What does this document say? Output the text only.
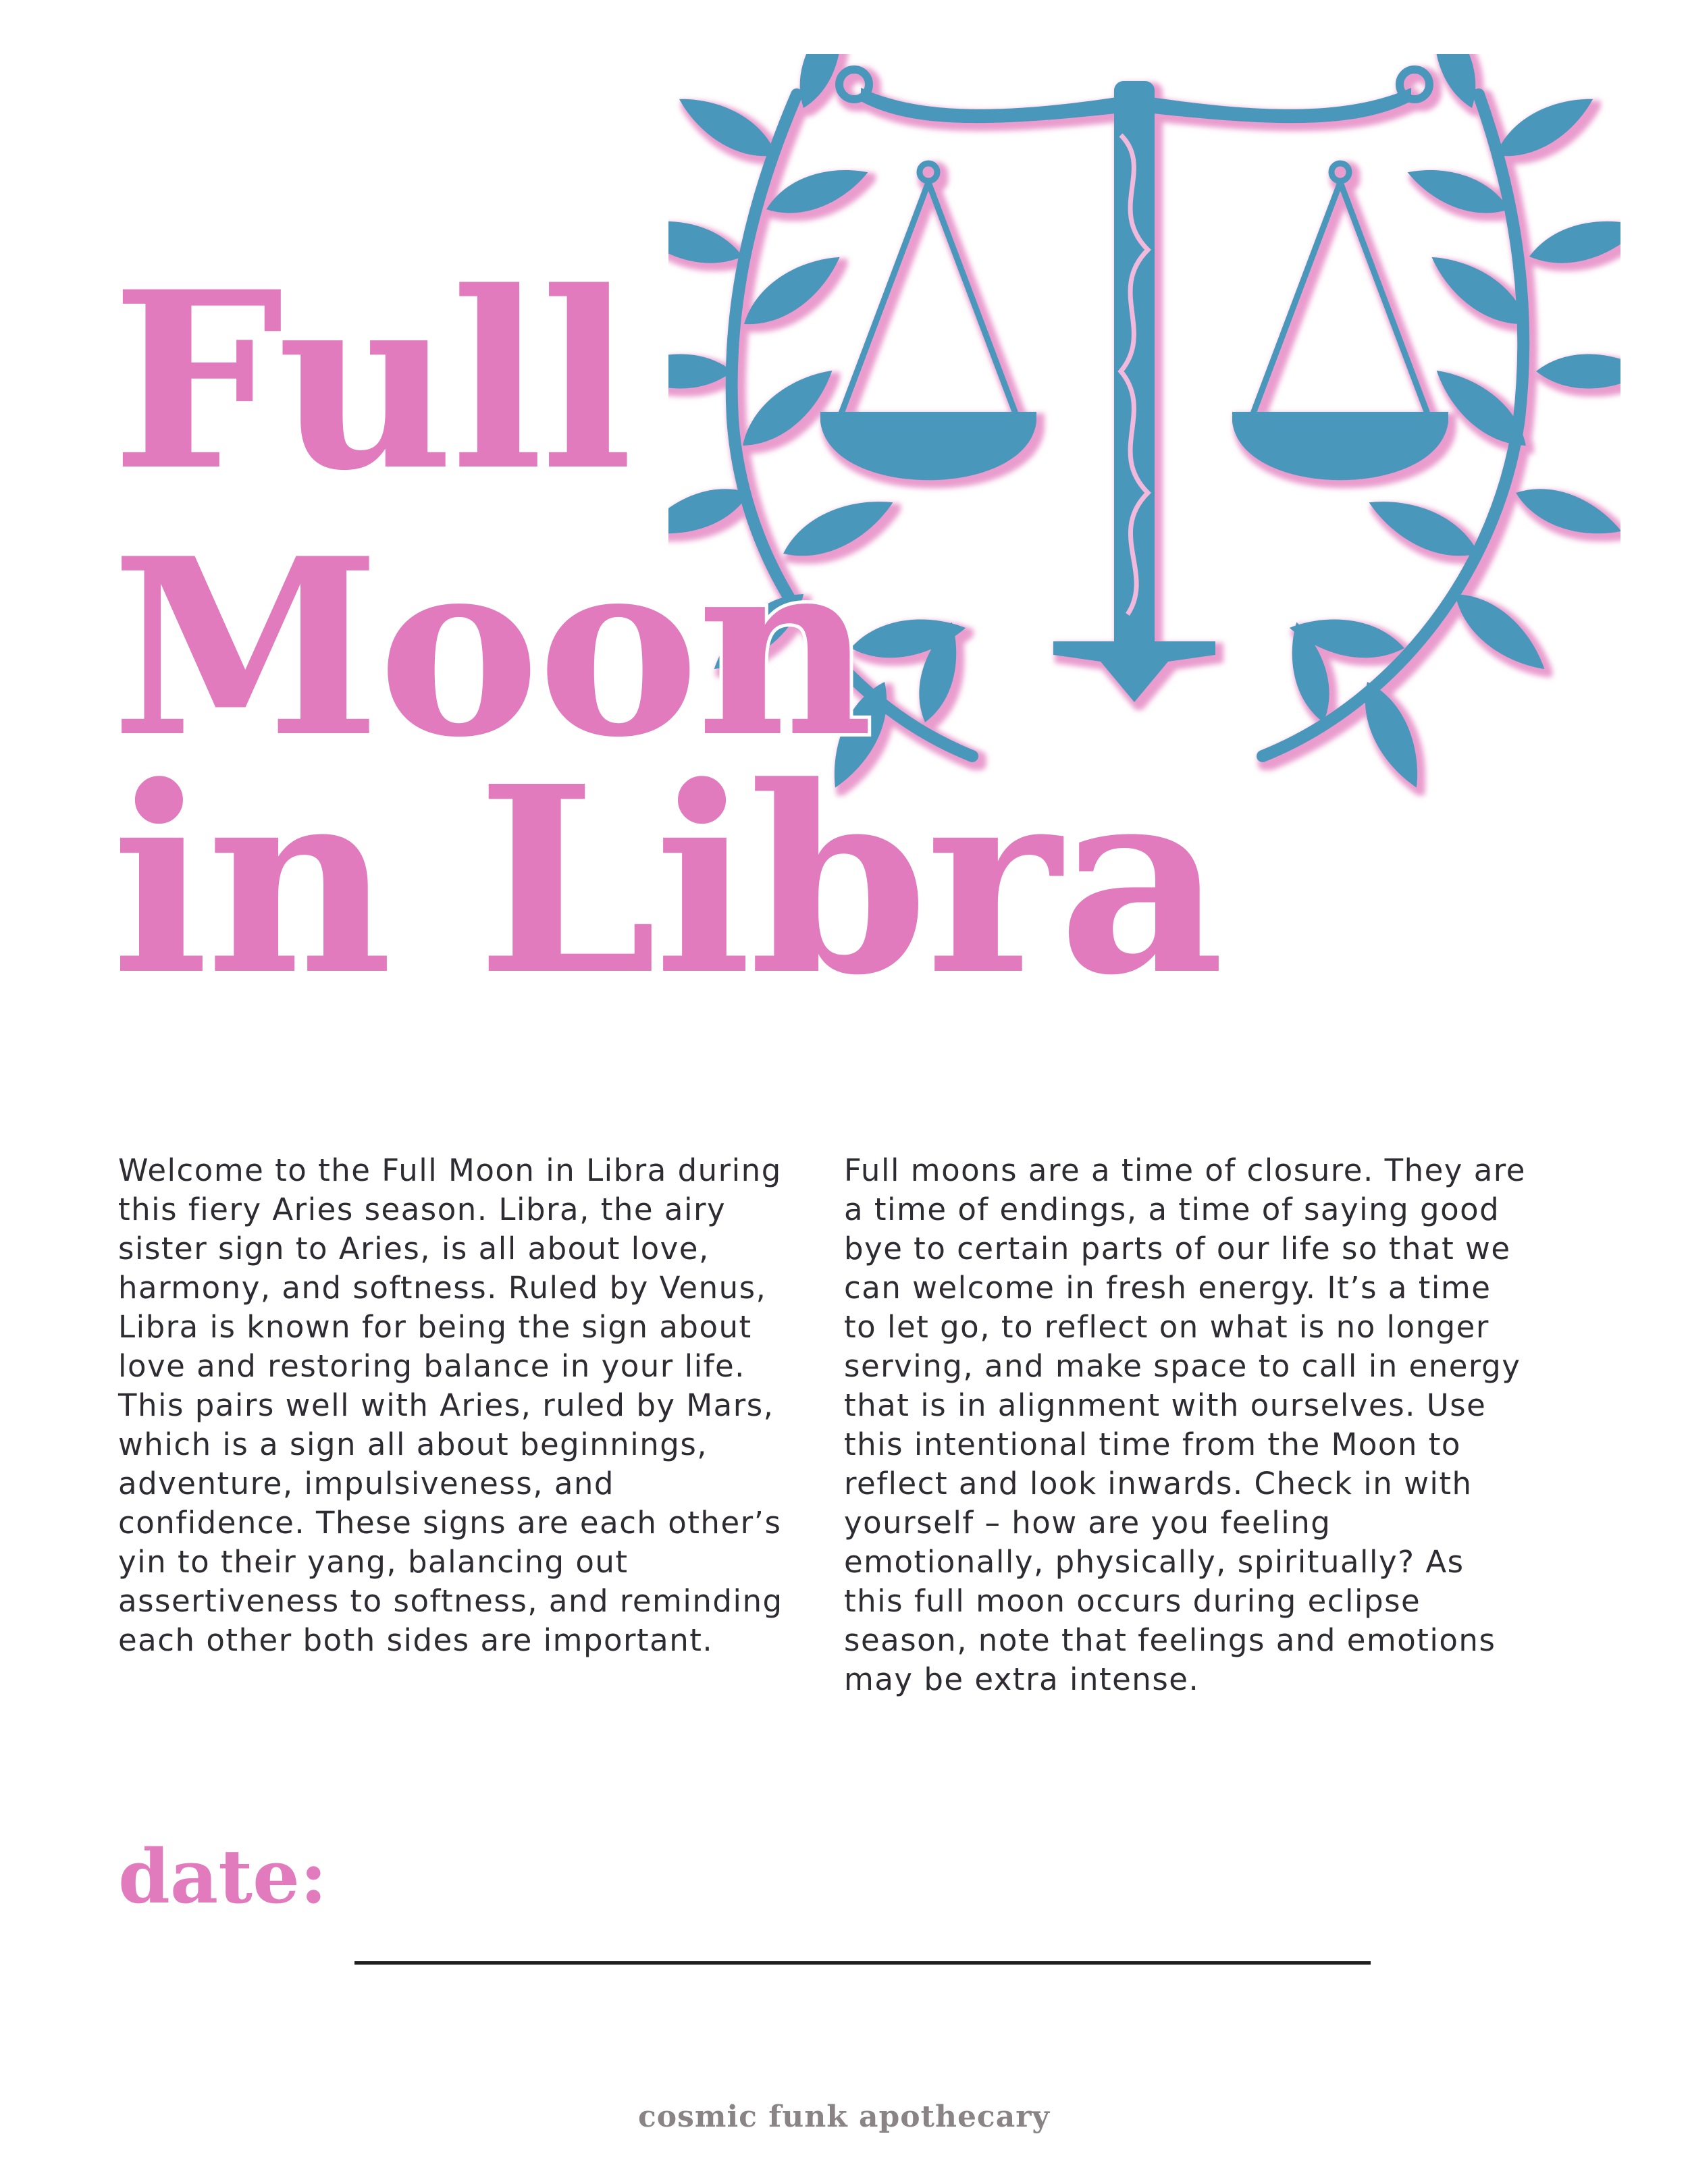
Full
Moon
in Libra

Welcome to the Full Moon in Libra during this fiery Aries season. Libra, the airy sister sign to Aries, is all about love, harmony, and softness. Ruled by Venus, Libra is known for being the sign about love and restoring balance in your life. This pairs well with Aries, ruled by Mars, which is a sign all about beginnings, adventure, impulsiveness, and confidence. These signs are each other’s yin to their yang, balancing out assertiveness to softness, and reminding each other both sides are important.

Full moons are a time of closure. They are a time of endings, a time of saying good bye to certain parts of our life so that we can welcome in fresh energy. It’s a time to let go, to reflect on what is no longer serving, and make space to call in energy that is in alignment with ourselves. Use this intentional time from the Moon to reflect and look inwards. Check in with yourself – how are you feeling emotionally, physically, spiritually? As this full moon occurs during eclipse season, note that feelings and emotions may be extra intense.

date:
cosmic funk apothecary
